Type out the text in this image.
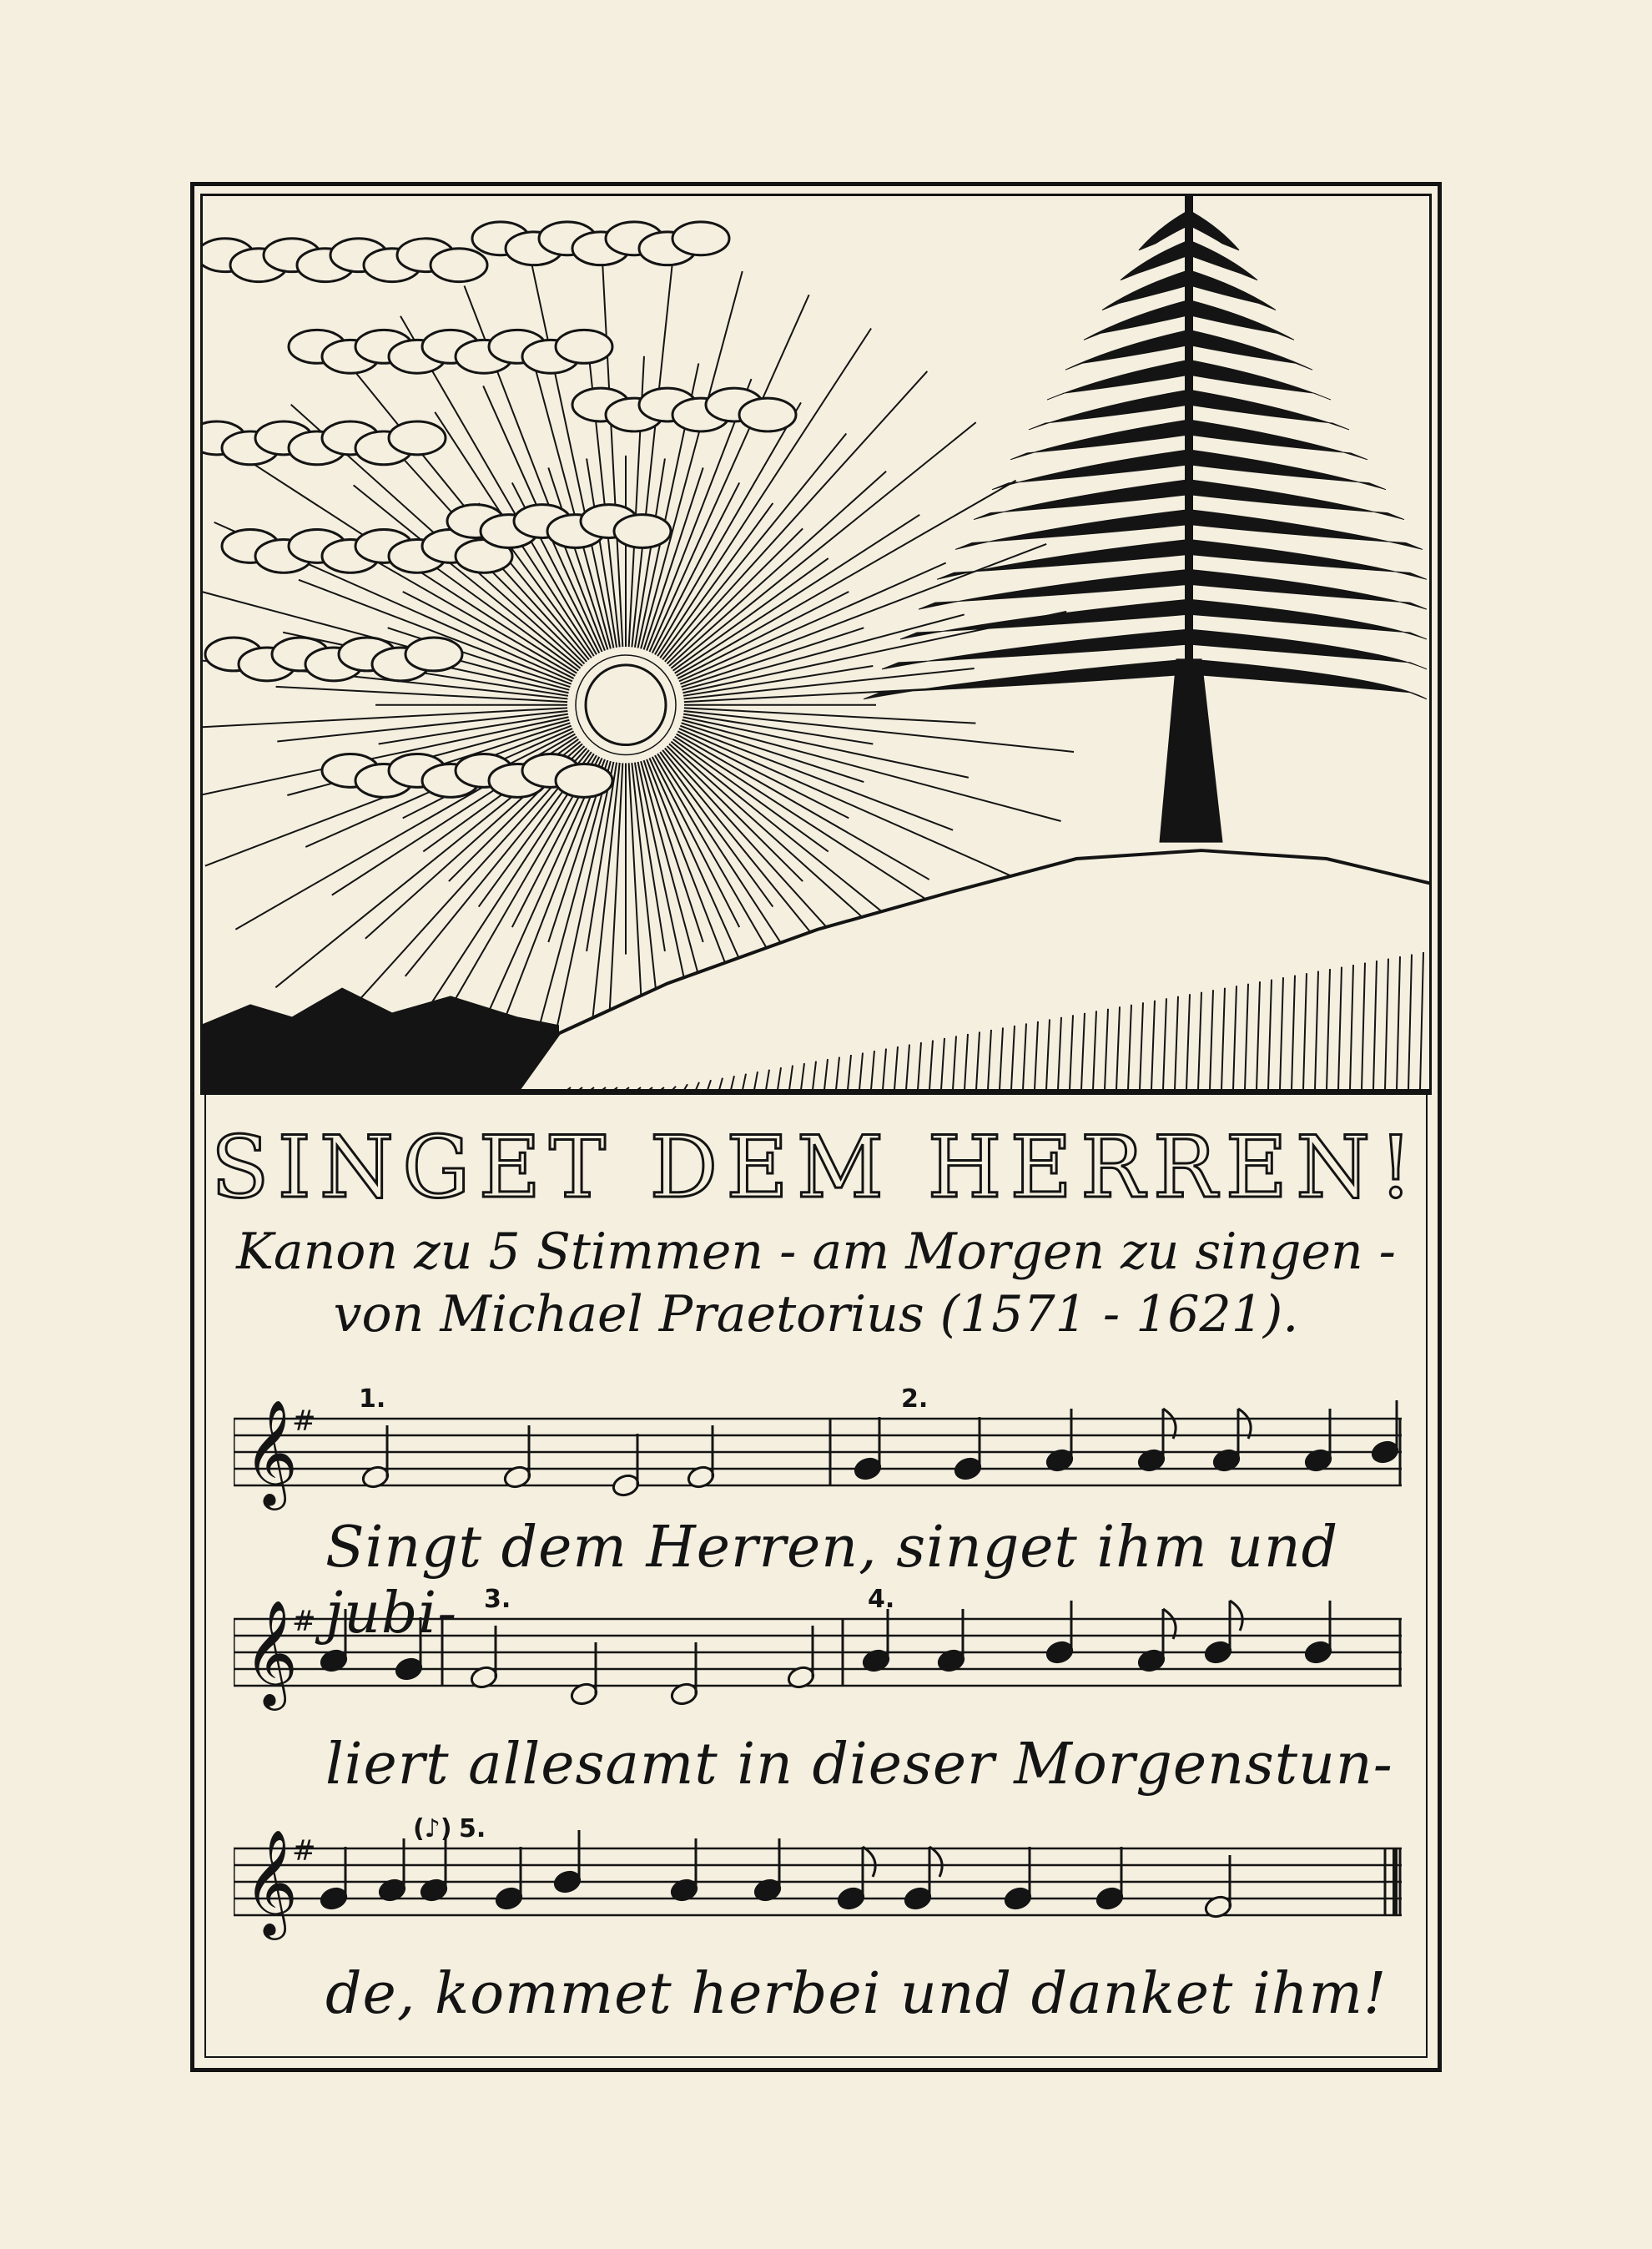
SINGET DEM HERREN!
Kanon zu 5 Stimmen - am Morgen zu singen -
von Michael Praetorius (1571 - 1621).
𝄞
#
1.	2.
Singt dem Herren, singet ihm und jubi-
𝄞
#
3.	4.
liert allesamt in dieser Morgenstun-
𝄞
#
5.
(♪)
de, kommet herbei und danket ihm!
